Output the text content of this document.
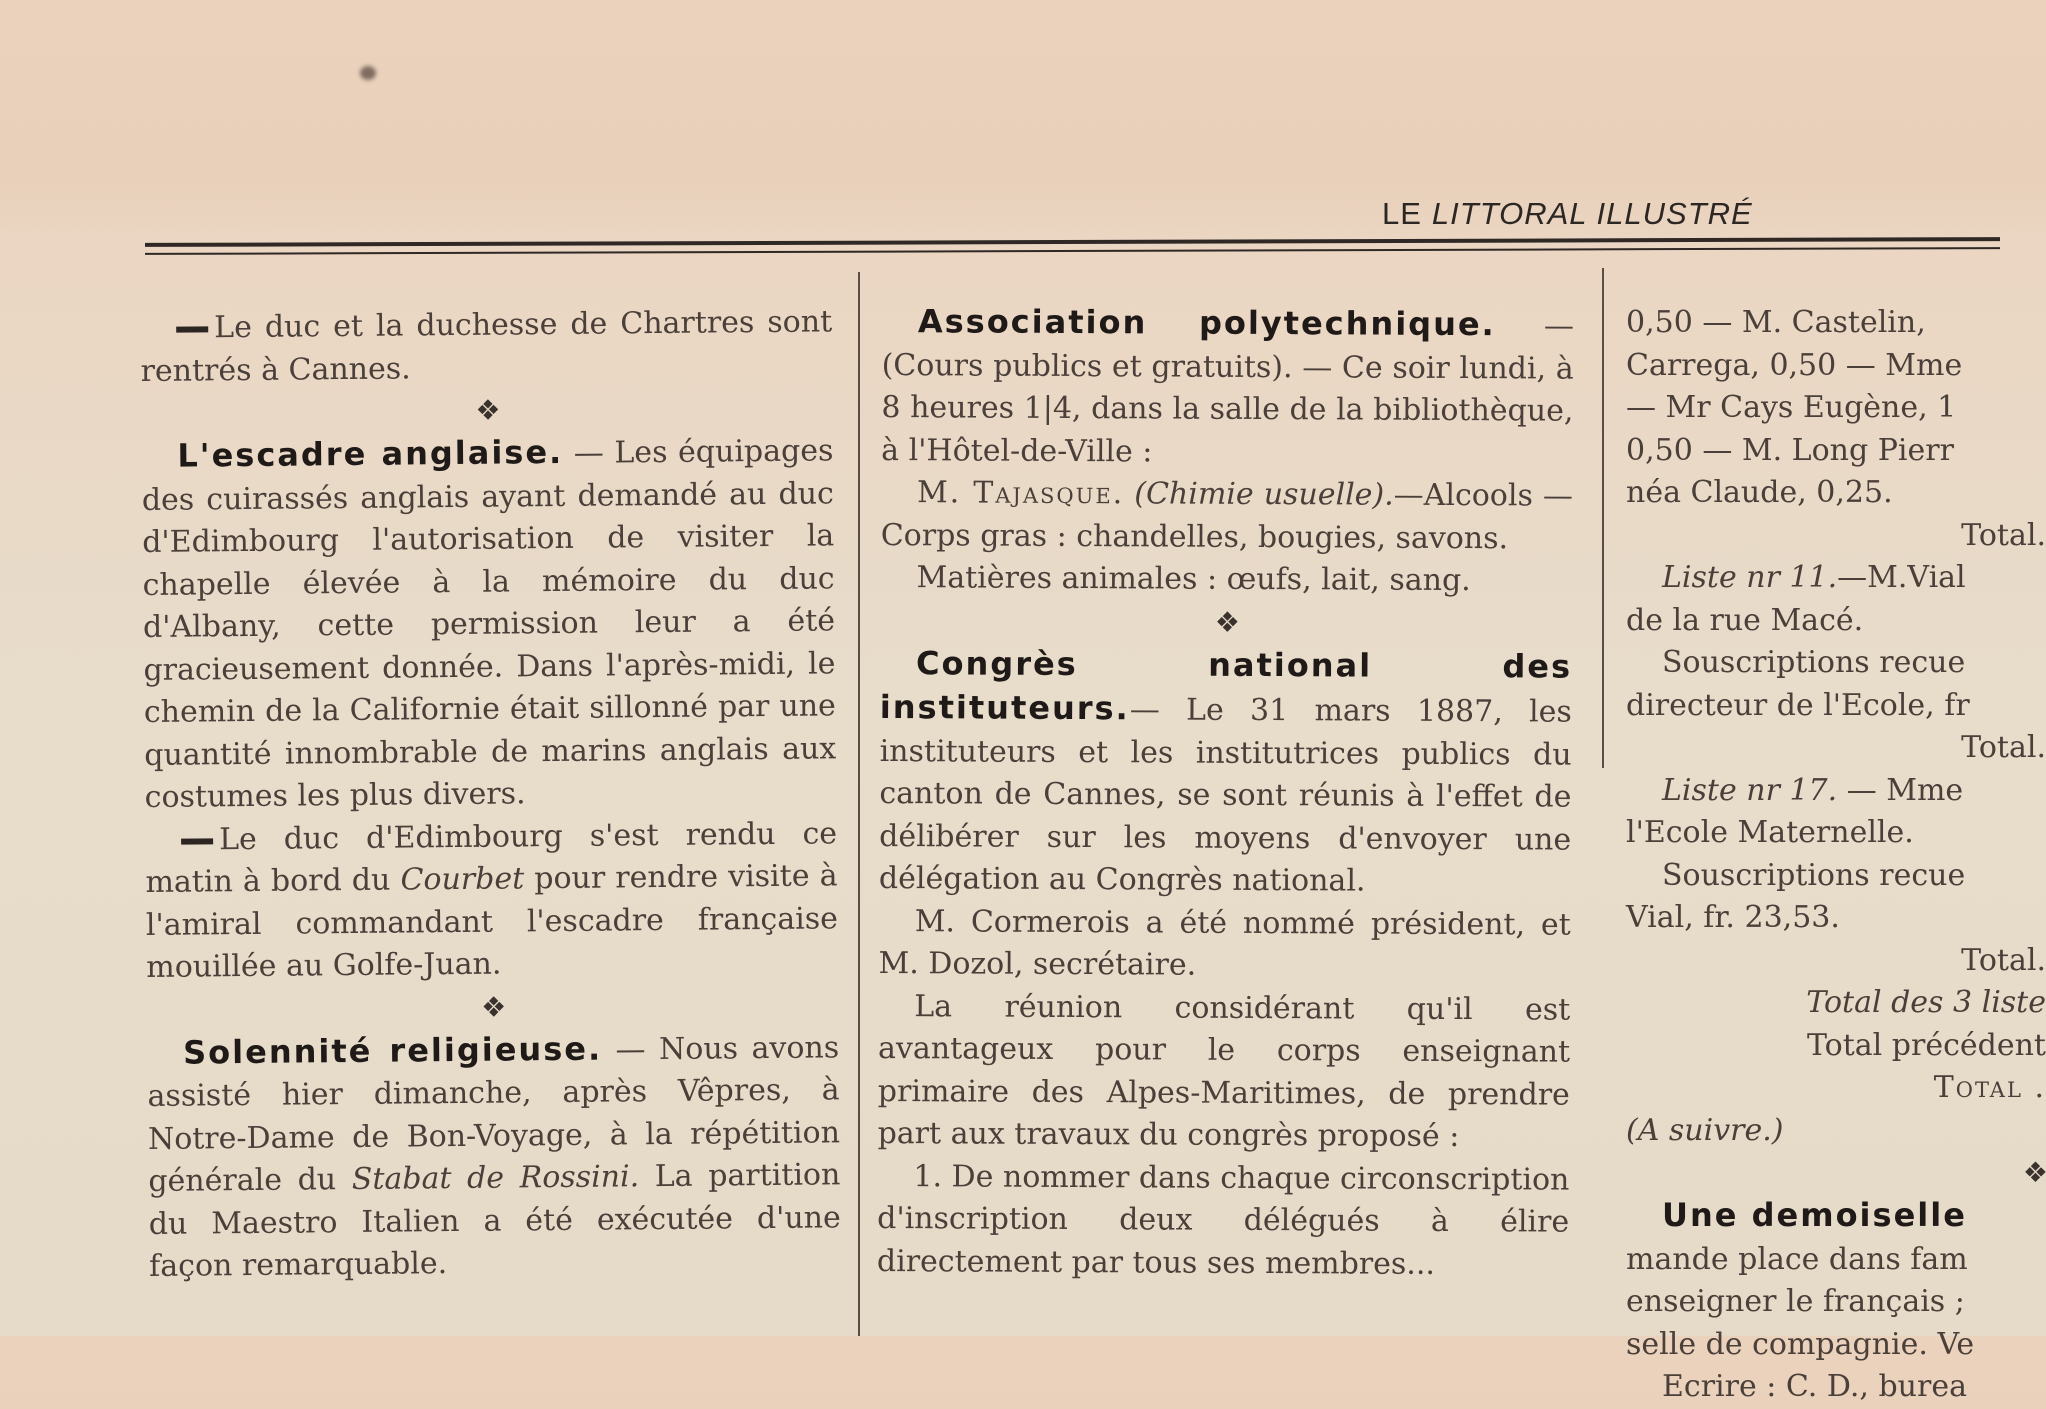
LE LITTORAL ILLUSTRÉ

Le duc et la duchesse de Chartres sont rentrés à Cannes.

❖

L'escadre anglaise. — Les équipages des cuirassés anglais ayant demandé au duc d'Edimbourg l'autorisation de visiter la chapelle élevée à la mémoire du duc d'Albany, cette permission leur a été gracieusement donnée. Dans l'après-midi, le chemin de la Californie était sillonné par une quantité innombrable de marins anglais aux costumes les plus divers.

Le duc d'Edimbourg s'est rendu ce matin à bord du Courbet pour rendre visite à l'amiral commandant l'escadre française mouillée au Golfe-Juan.

❖

Solennité religieuse. — Nous avons assisté hier dimanche, après Vêpres, à Notre-Dame de Bon-Voyage, à la répétition générale du Stabat de Rossini. La partition du Maestro Italien a été exécutée d'une façon remarquable.

Association polytechnique. — (Cours publics et gratuits). — Ce soir lundi, à 8 heures 1|4, dans la salle de la bibliothèque, à l'Hôtel-de-Ville :

M. Tajasque. (Chimie usuelle).—Alcools — Corps gras : chandelles, bougies, savons.

Matières animales : œufs, lait, sang.

❖

Congrès national des instituteurs.— Le 31 mars 1887, les instituteurs et les institutrices publics du canton de Cannes, se sont réunis à l'effet de délibérer sur les moyens d'envoyer une délégation au Congrès national.

M. Cormerois a été nommé président, et M. Dozol, secrétaire.

La réunion considérant qu'il est avantageux pour le corps enseignant primaire des Alpes-Maritimes, de prendre part aux travaux du congrès proposé :

1. De nommer dans chaque circonscription d'inscription deux délégués à élire directement par tous ses membres...

0,50 — M. Castelin,

Carrega, 0,50 — Mme

— Mr Cays Eugène, 1

0,50 — M. Long Pierr

néa Claude, 0,25.

Total.

Liste nr 11.—M.Vial

de la rue Macé.

Souscriptions recue

directeur de l'Ecole, fr

Total.

Liste nr 17. — Mme

l'Ecole Maternelle.

Souscriptions recue

Vial, fr. 23,53.

Total.

Total des 3 liste

Total précédent

Total .

(A suivre.)

❖

Une demoiselle

mande place dans fam

enseigner le français ;

selle de compagnie. Ve

Ecrire : C. D., burea
